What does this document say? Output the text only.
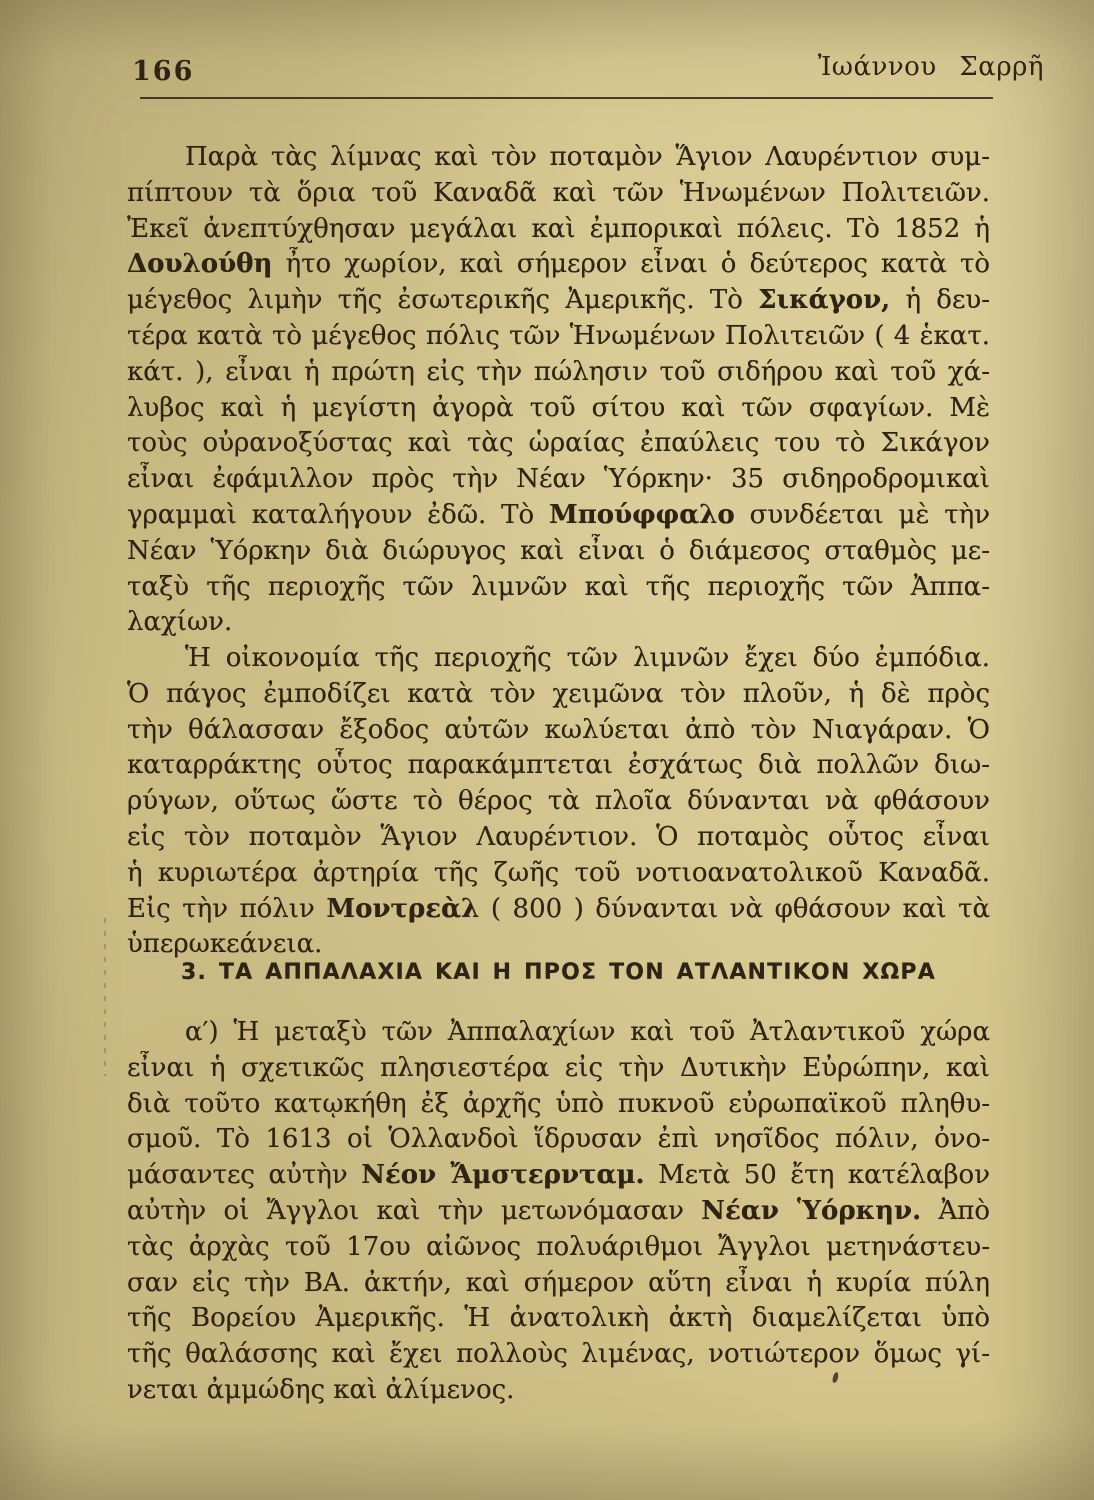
166	Ἰωάννου Σαρρῆ
Παρὰ τὰς λίμνας καὶ τὸν ποταμὸν Ἅγιον Λαυρέντιον συμ-
πίπτουν τὰ ὅρια τοῦ Καναδᾶ καὶ τῶν Ἡνωμένων Πολιτειῶν.
Ἐκεῖ ἀνεπτύχθησαν μεγάλαι καὶ ἐμπορικαὶ πόλεις. Τὸ 1852 ἡ
Δουλούθη ἦτο χωρίον, καὶ σήμερον εἶναι ὁ δεύτερος κατὰ τὸ
μέγεθος λιμὴν τῆς ἐσωτερικῆς Ἀμερικῆς. Τὸ Σικάγον, ἡ δευ-
τέρα κατὰ τὸ μέγεθος πόλις τῶν Ἡνωμένων Πολιτειῶν ( 4 ἑκατ.
κάτ. ), εἶναι ἡ πρώτη εἰς τὴν πώλησιν τοῦ σιδήρου καὶ τοῦ χά-
λυβος καὶ ἡ μεγίστη ἀγορὰ τοῦ σίτου καὶ τῶν σφαγίων. Μὲ
τοὺς οὐρανοξύστας καὶ τὰς ὡραίας ἐπαύλεις του τὸ Σικάγον
εἶναι ἐφάμιλλον πρὸς τὴν Νέαν Ὑόρκην· 35 σιδηροδρομικαὶ
γραμμαὶ καταλήγουν ἐδῶ. Τὸ Μπούφφαλο συνδέεται μὲ τὴν
Νέαν Ὑόρκην διὰ διώρυγος καὶ εἶναι ὁ διάμεσος σταθμὸς με-
ταξὺ τῆς περιοχῆς τῶν λιμνῶν καὶ τῆς περιοχῆς τῶν Ἀππα-
λαχίων.
Ἡ οἰκονομία τῆς περιοχῆς τῶν λιμνῶν ἔχει δύο ἐμπόδια.
Ὁ πάγος ἐμποδίζει κατὰ τὸν χειμῶνα τὸν πλοῦν, ἡ δὲ πρὸς
τὴν θάλασσαν ἔξοδος αὐτῶν κωλύεται ἀπὸ τὸν Νιαγάραν. Ὁ
καταρράκτης οὗτος παρακάμπτεται ἐσχάτως διὰ πολλῶν διω-
ρύγων, οὕτως ὥστε τὸ θέρος τὰ πλοῖα δύνανται νὰ φθάσουν
εἰς τὸν ποταμὸν Ἅγιον Λαυρέντιον. Ὁ ποταμὸς οὗτος εἶναι
ἡ κυριωτέρα ἀρτηρία τῆς ζωῆς τοῦ νοτιοανατολικοῦ Καναδᾶ.
Εἰς τὴν πόλιν Μοντρεὰλ ( 800 ) δύνανται νὰ φθάσουν καὶ τὰ
ὑπερωκεάνεια.
3. ΤΑ ΑΠΠΑΛΑΧΙΑ ΚΑΙ Η ΠΡΟΣ ΤΟΝ ΑΤΛΑΝΤΙΚΟΝ ΧΩΡΑ
α′) Ἡ μεταξὺ τῶν Ἀππαλαχίων καὶ τοῦ Ἀτλαντικοῦ χώρα
εἶναι ἡ σχετικῶς πλησιεστέρα εἰς τὴν Δυτικὴν Εὐρώπην, καὶ
διὰ τοῦτο κατῳκήθη ἐξ ἀρχῆς ὑπὸ πυκνοῦ εὐρωπαϊκοῦ πληθυ-
σμοῦ. Τὸ 1613 οἱ Ὁλλανδοὶ ἵδρυσαν ἐπὶ νησῖδος πόλιν, ὀνο-
μάσαντες αὐτὴν Νέον Ἄμστερνταμ. Μετὰ 50 ἔτη κατέλαβον
αὐτὴν οἱ Ἄγγλοι καὶ τὴν μετωνόμασαν Νέαν Ὑόρκην. Ἀπὸ
τὰς ἀρχὰς τοῦ 17ου αἰῶνος πολυάριθμοι Ἄγγλοι μετηνάστευ-
σαν εἰς τὴν ΒΑ. ἀκτήν, καὶ σήμερον αὕτη εἶναι ἡ κυρία πύλη
τῆς Βορείου Ἀμερικῆς. Ἡ ἀνατολικὴ ἀκτὴ διαμελίζεται ὑπὸ
τῆς θαλάσσης καὶ ἔχει πολλοὺς λιμένας, νοτιώτερον ὅμως γί-
νεται ἀμμώδης καὶ ἀλίμενος.
